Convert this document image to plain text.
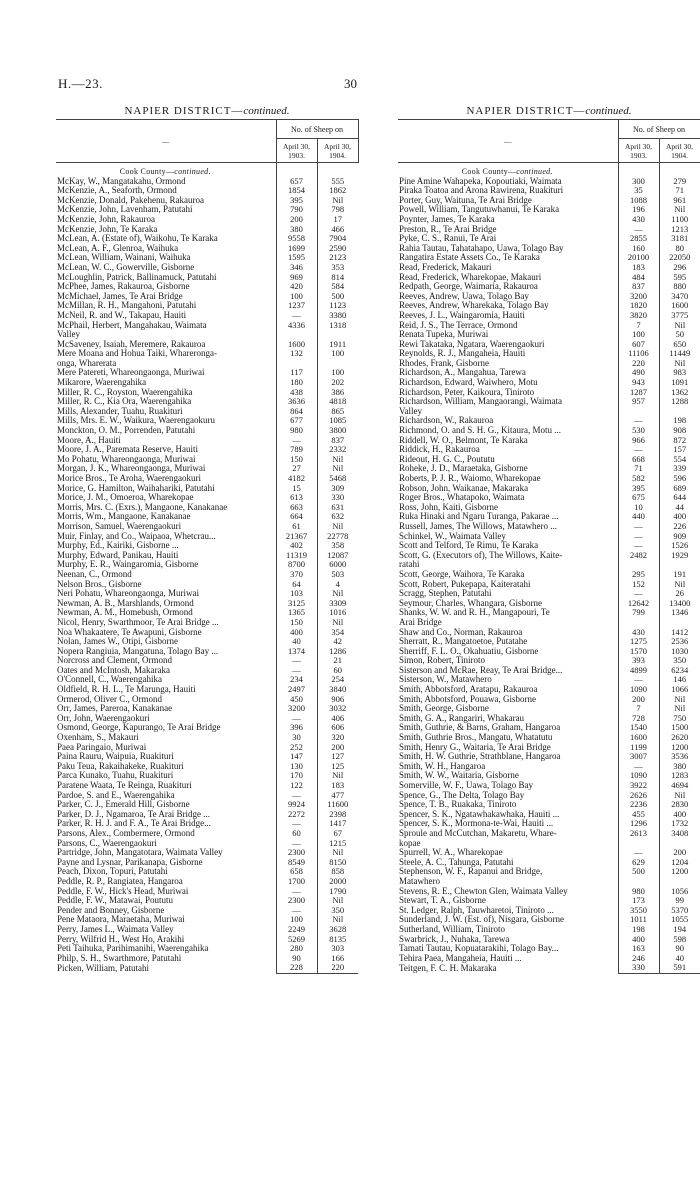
H.—23.	30
NAPIER DISTRICT—continued.
—	No. of Sheep on	
	April 30, 1903.	April 30, 1904.
Cook County—continued.		
McKay, W., Mangatakahu, Ormond	657	555
McKenzie, A., Seaforth, Ormond	1854	1862
McKenzie, Donald, Pakehenu, Rakauroa	395	Nil
McKenzie, John, Lavenham, Patutahi	790	798
McKenzie, John, Rakauroa	200	17
McKenzie, John, Te Karaka	380	466
McLean, A. (Estate of), Waikohu, Te Karaka	9558	7904
McLean, A. F., Glenroa, Waihuka	1699	2590
McLean, William, Wainani, Waihuka	1595	2123
McLean, W. C., Gowerville, Gisborne	346	353
McLoughlin, Patrick, Ballinamuck, Patutahi	969	814
McPhee, James, Rakauroa, Gisborne	420	584
McMichael, James, Te Arai Bridge	100	500
McMillan, R. H., Mangahoni, Patutahi	1237	1123
McNeil, R. and W., Takapau, Hauiti	—	3380
McPhail, Herbert, Mangahakau, Waimata	4336	1318
Valley		
McSaveney, Isaiah, Meremere, Rakauroa	1600	1911
Mere Moana and Hohua Taiki, Whareronga-	132	100
onga, Wharerata		
Mere Patereti, Whareongaonga, Muriwai	117	100
Mikarore, Waerengahika	180	202
Miller, R. C., Royston, Waerengahika	438	386
Miller, R. C., Kia Ora, Waerengahika	3636	4818
Mills, Alexander, Tuahu, Ruakituri	864	865
Mills, Mrs. E. W., Waikura, Waerengaokuru	677	1085
Monckton, O. M., Porrenden, Patutahi	980	3800
Moore, A., Hauiti	—	837
Moore, J. A., Paremata Reserve, Hauiti	789	2332
Mo Pohatu, Whareongaonga, Muriwai	150	Nil
Morgan, J. K., Whareongaonga, Muriwai	27	Nil
Morice Bros., Te Aroha, Waerengaokuri	4182	5468
Morice, G. Hamilton, Waihahariki, Patutahi	15	309
Morice, J. M., Omoeroa, Wharekopae	613	330
Morris, Mrs. C. (Exrs.), Mangaone, Kanakanae	663	631
Morris, Wm., Mangaone, Kanakanae	664	632
Morrison, Samuel, Waerengaokuri	61	Nil
Muir, Finlay, and Co., Waipaoa, Whetcrau...	21367	22778
Murphy, Ed., Kairiki, Gisborne ...	402	358
Murphy, Edward, Panikau, Hauiti	11319	12087
Murphy, E. R., Waingaromia, Gisborne	8700	6000
Neenan, C., Ormond	370	503
Nelson Bros., Gisborne	64	4
Neri Pohatu, Whareongaonga, Muriwai	103	Nil
Newman, A. B., Marshlands, Ormond	3125	3309
Newman, A. M., Homebush, Ormond	1365	1016
Nicol, Henry, Swarthmoor, Te Arai Bridge ...	150	Nil
Noa Whakaatere, Te Awapuni, Gisborne	400	354
Nolan, James W., Otipi, Gisborne	40	42
Nopera Rangiuia, Mangatuna, Tolago Bay ...	1374	1286
Norcross and Clement, Ormond	—	21
Oates and McIntosh, Makaraka	—	60
O'Connell, C., Waerengahika	234	254
Oldfield, R. H. L., Te Marunga, Hauiti	2497	3840
Ormerod, Oliver C., Ormond	450	906
Orr, James, Pareroa, Kanakanae	3200	3032
Orr, John, Waerengaokuri	—	406
Osmond, George, Kapurango, Te Arai Bridge	396	606
Oxenham, S., Makauri	30	320
Paea Paringaio, Muriwai	252	200
Paina Rauru, Waipuia, Ruakituri	147	127
Paku Teua, Rakaihakeke, Ruakituri	130	125
Parca Kunako, Tuahu, Ruakituri	170	Nil
Paratene Waata, Te Reinga, Ruakituri	122	183
Pardoe, S. and E., Waerengahika	—	477
Parker, C. J., Emerald Hill, Gisborne	9924	11600
Parker, D. J., Ngamaroa, Te Arai Bridge ...	2272	2398
Parker, R. H. J. and F. A., Te Arai Bridge...	—	1417
Parsons, Alex., Combermere, Ormond	60	67
Parsons, C., Waerengaokuri	—	1215
Partridge, John, Mangatotara, Waimata Valley	2300	Nil
Payne and Lysnar, Parikanapa, Gisborne	8549	8150
Peach, Dixon, Topuri, Patutahi	658	858
Peddle, R. P., Rangiatea, Hangaroa	1700	2000
Peddle, F. W., Hick's Head, Muriwai	—	1790
Peddle, F. W., Matawai, Poututu	2300	Nil
Pender and Bonney, Gisborne	—	350
Pene Mataora, Maraetaha, Muriwai	100	Nil
Perry, James L., Waimata Valley	2249	3628
Perry, Wilfrid H., West Ho, Arakihi	5269	8135
Peti Taihuka, Parihimanihi, Waerengahika	280	303
Philp, S. H., Swarthmore, Patutahi	90	166
Picken, William, Patutahi	228	220
NAPIER DISTRICT—continued.
—	No. of Sheep on	
	April 30, 1903.	April 30, 1904.
Cook County—continued.		
Pine Amine Wahapeka, Kopoutiaki, Waimata	300	279
Piraka Toatoa and Arona Rawirena, Ruakituri	35	71
Porter, Guy, Waituna, Te Arai Bridge	1088	961
Powell, William, Tangutuwhanui, Te Karaka	196	Nil
Poynter, James, Te Karaka	430	1100
Preston, R., Te Arai Bridge	—	1213
Pyke, C. S., Ranui, Te Arai	2855	3181
Rahia Tautau, Tahatahapo, Uawa, Tolago Bay	160	80
Rangatira Estate Assets Co., Te Karaka	20100	22050
Read, Frederick, Makauri	183	296
Read, Frederick, Wharekopae, Makauri	484	595
Redpath, George, Waimaria, Rakauroa	837	880
Reeves, Andrew, Uawa, Tolago Bay	3200	3470
Reeves, Andrew, Wharekaka, Tolago Bay	1820	1600
Reeves, J. L., Waingaromia, Hauiti	3820	3775
Reid, J. S., The Terrace, Ormond	7	Nil
Renata Tupeka, Muriwai	100	50
Rewi Takataka, Ngatara, Waerengaokuri	607	650
Reynolds, R. J., Mangaheia, Hauiti	11106	11449
Rhodes, Frank, Gisborne	220	Nil
Richardson, A., Mangahua, Tarewa	490	983
Richardson, Edward, Waiwhero, Motu	943	1091
Richardson, Peter, Kaikoura, Tiniroto	1287	1362
Richardson, William, Mangaorangi, Waimata	957	1288
Valley		
Richardson, W., Rakauroa	—	198
Richmond, O. and S. H. G., Kitaura, Motu ...	530	908
Riddell, W. O., Belmont, Te Karaka	966	872
Riddick, H., Rakauroa	—	157
Rideout, H. G. C., Poututu	668	554
Roheke, J. D., Maraetaka, Gisborne	71	339
Roberts, P. J. R., Waiomo, Wharekopae	582	596
Robson, John, Waikanae, Makaraka	395	689
Roger Bros., Whatapoko, Waimata	675	644
Ross, John, Kaiti, Gisborne	10	44
Ruka Hinaki and Ngaru Turanga, Pakarae ...	440	400
Russell, James, The Willows, Matawhero ...	—	226
Schinkel, W., Waimata Valley	—	909
Scott and Telford, Te Rimu, Te Karaka	—	1526
Scott, G. (Executors of), The Willows, Kaite-	2482	1929
ratahi		
Scott, George, Waihora, Te Karaka	295	191
Scott, Robert, Pukepapa, Kaiteratahi	152	Nil
Scragg, Stephen, Patutahi	—	26
Seymour, Charles, Whangara, Gisborne	12642	13400
Shanks, W. W. and R. H., Mangapouri, Te	799	1346
Arai Bridge		
Shaw and Co., Norman, Rakauroa	430	1412
Sherratt, R., Mangatoetoe, Putatahe	1275	2536
Sherriff, F. L. O., Okahuatiu, Gisborne	1570	1030
Simon, Robert, Tiniroto	393	350
Sisterson and McRae, Reay, Te Arai Bridge...	4899	6234
Sisterson, W., Matawhero	—	146
Smith, Abbotsford, Aratapu, Rakauroa	1090	1066
Smith, Abbotsford, Pouawa, Gisborne	200	Nil
Smith, George, Gisborne	7	Nil
Smith, G. A., Rangariri, Whakarau	728	750
Smith, Guthrie, & Barns, Graham, Hangaroa	1540	1500
Smith, Guthrie Bros., Mangatu, Whatatutu	1600	2620
Smith, Henry G., Waitaria, Te Arai Bridge	1199	1200
Smith, H. W. Guthrie, Strathblane, Hangaroa	3007	3536
Smith, W. H., Hangaroa	—	380
Smith, W. W., Waitaria, Gisborne	1090	1283
Somerville, W. F., Uawa, Tolago Bay	3922	4694
Spence, G., The Delta, Tolago Bay	2626	Nil
Spence, T. B., Ruakaka, Tiniroto	2236	2830
Spencer, S. K., Ngatawhakawhaka, Hauiti ...	455	400
Spencer, S. K., Mormona-te-Wai, Hauiti ...	1296	1732
Sproule and McCutchan, Makaretu, Whare-	2613	3408
kopae		
Spurrell, W. A., Wharekopae	—	200
Steele, A. C., Tahunga, Patutahi	629	1204
Stephenson, W. F., Rapanui and Bridge,	500	1200
Matawhero		
Stevens, R. E., Chewton Glen, Waimata Valley	980	1056
Stewart, T. A., Gisborne	173	99
St. Ledger, Ralph, Tauwharetoi, Tiniroto ...	3550	5370
Sunderland, J. W. (Est. of), Nisgara, Gisborne	1011	1055
Sutherland, William, Tiniroto	198	194
Swarbrick, J., Nuhaka, Tarewa	400	598
Tamati Tautau, Kopuatarakihi, Tolago Bay...	163	90
Tehira Paea, Mangaheia, Hauiti ...	246	40
Teitgen, F. C. H. Makaraka	330	591
